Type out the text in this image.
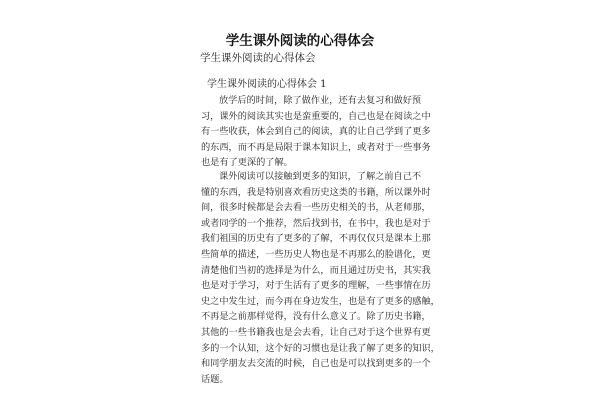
学生课外阅读的心得体会
学生课外阅读的心得体会
学生课外阅读的心得体会 1

放学后的时间，除了做作业，还有去复习和做好预
习，课外的阅读其实也是蛮重要的，自己也是在阅读之中
有一些收获，体会到自己的阅读，真的让自己学到了更多
的东西，而不再是局限于课本知识上，或者对于一些事务
也是有了更深的了解。

课外阅读可以接触到更多的知识，了解之前自己不
懂的东西，我是特别喜欢看历史这类的书籍，所以课外时
间，很多时候都是会去看一些历史相关的书，从老师那，
或者同学的一个推荐，然后找到书，在书中，我也是对于
我们祖国的历史有了更多的了解，不再仅仅只是课本上那
些简单的描述，一些历史人物也是不再那么的脸谱化，更
清楚他们当初的选择是为什么，而且通过历史书，其实我
也是对于学习，对于生活有了更多的理解，一些事情在历
史之中发生过，而今再在身边发生，也是有了更多的感触，
不再是之前那样觉得，没有什么意义了。除了历史书籍，
其他的一些书籍我也是会去看，让自己对于这个世界有更
多的一个认知，这个好的习惯也是让我了解了更多的知识，
和同学朋友去交流的时候，自己也是可以找到更多的一个
话题。
